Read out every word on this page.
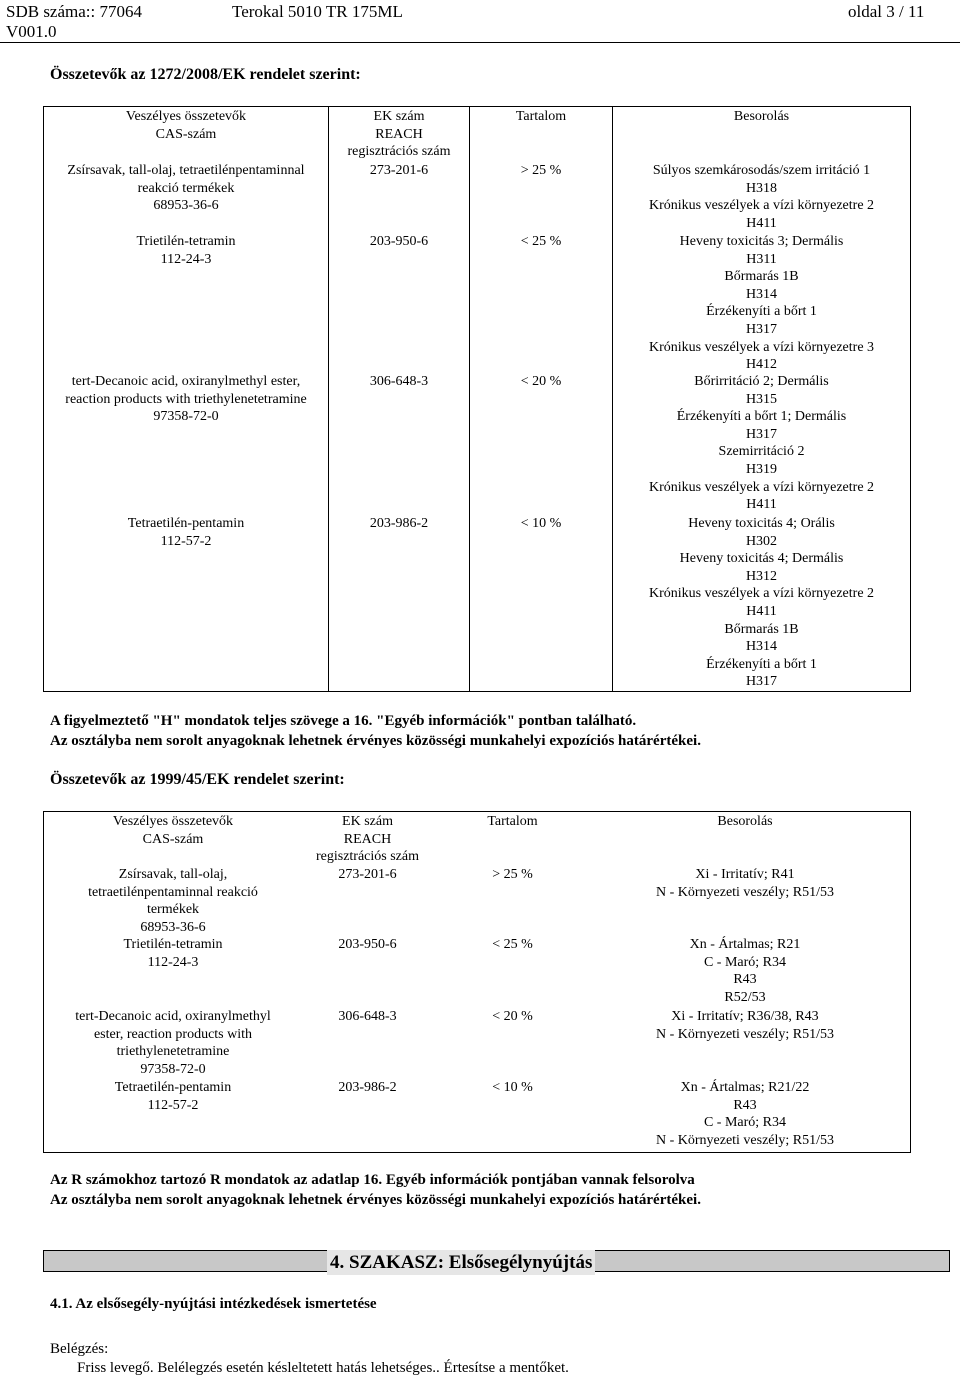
SDB száma:: 77064
V001.0
Terokal 5010 TR 175ML	oldal 3 / 11
Összetevők az 1272/2008/EK rendelet szerint:
Veszélyes összetevők
CAS-szám
Zsírsavak, tall-olaj, tetraetilénpentaminnal
reakció termékek
68953-36-6
Trietilén-tetramin
112-24-3
tert-Decanoic acid, oxiranylmethyl ester,
reaction products with triethylenetetramine
97358-72-0
Tetraetilén-pentamin
112-57-2
EK szám
REACH
regisztrációs szám
273-201-6
203-950-6
306-648-3
203-986-2
Tartalom
> 25 %
< 25 %
< 20 %
< 10 %
Besorolás
Súlyos szemkárosodás/szem irritáció 1
H318
Krónikus veszélyek a vízi környezetre 2
H411
Heveny toxicitás 3; Dermális
H311
Bőrmarás 1B
H314
Érzékenyíti a bőrt 1
H317
Krónikus veszélyek a vízi környezetre 3
H412
Bőrirritáció 2; Dermális
H315
Érzékenyíti a bőrt 1; Dermális
H317
Szemirritáció 2
H319
Krónikus veszélyek a vízi környezetre 2
H411
Heveny toxicitás 4; Orális
H302
Heveny toxicitás 4; Dermális
H312
Krónikus veszélyek a vízi környezetre 2
H411
Bőrmarás 1B
H314
Érzékenyíti a bőrt 1
H317
A figyelmeztető "H" mondatok teljes szövege a 16. "Egyéb információk" pontban található.
Az osztályba nem sorolt anyagoknak lehetnek érvényes közösségi munkahelyi expozíciós határértékei.
Összetevők az 1999/45/EK rendelet szerint:
Veszélyes összetevők
CAS-szám
Zsírsavak, tall-olaj,
tetraetilénpentaminnal reakció
termékek
68953-36-6
Trietilén-tetramin
112-24-3
tert-Decanoic acid, oxiranylmethyl
ester, reaction products with
triethylenetetramine
97358-72-0
Tetraetilén-pentamin
112-57-2
EK szám
REACH
regisztrációs szám
273-201-6
203-950-6
306-648-3
203-986-2
Tartalom
> 25 %
< 25 %
< 20 %
< 10 %
Besorolás
Xi - Irritatív; R41
N - Környezeti veszély; R51/53
Xn - Ártalmas; R21
C - Maró; R34
R43
R52/53
Xi - Irritatív; R36/38, R43
N - Környezeti veszély; R51/53
Xn - Ártalmas; R21/22
R43
C - Maró; R34
N - Környezeti veszély; R51/53
Az R számokhoz tartozó R mondatok az adatlap 16. Egyéb információk pontjában vannak felsorolva
Az osztályba nem sorolt anyagoknak lehetnek érvényes közösségi munkahelyi expozíciós határértékei.
4. SZAKASZ: Elsősegélynyújtás
4.1. Az elsősegély-nyújtási intézkedések ismertetése
Belégzés:
Friss levegő. Belélegzés esetén késleltetett hatás lehetséges.. Értesítse a mentőket.
